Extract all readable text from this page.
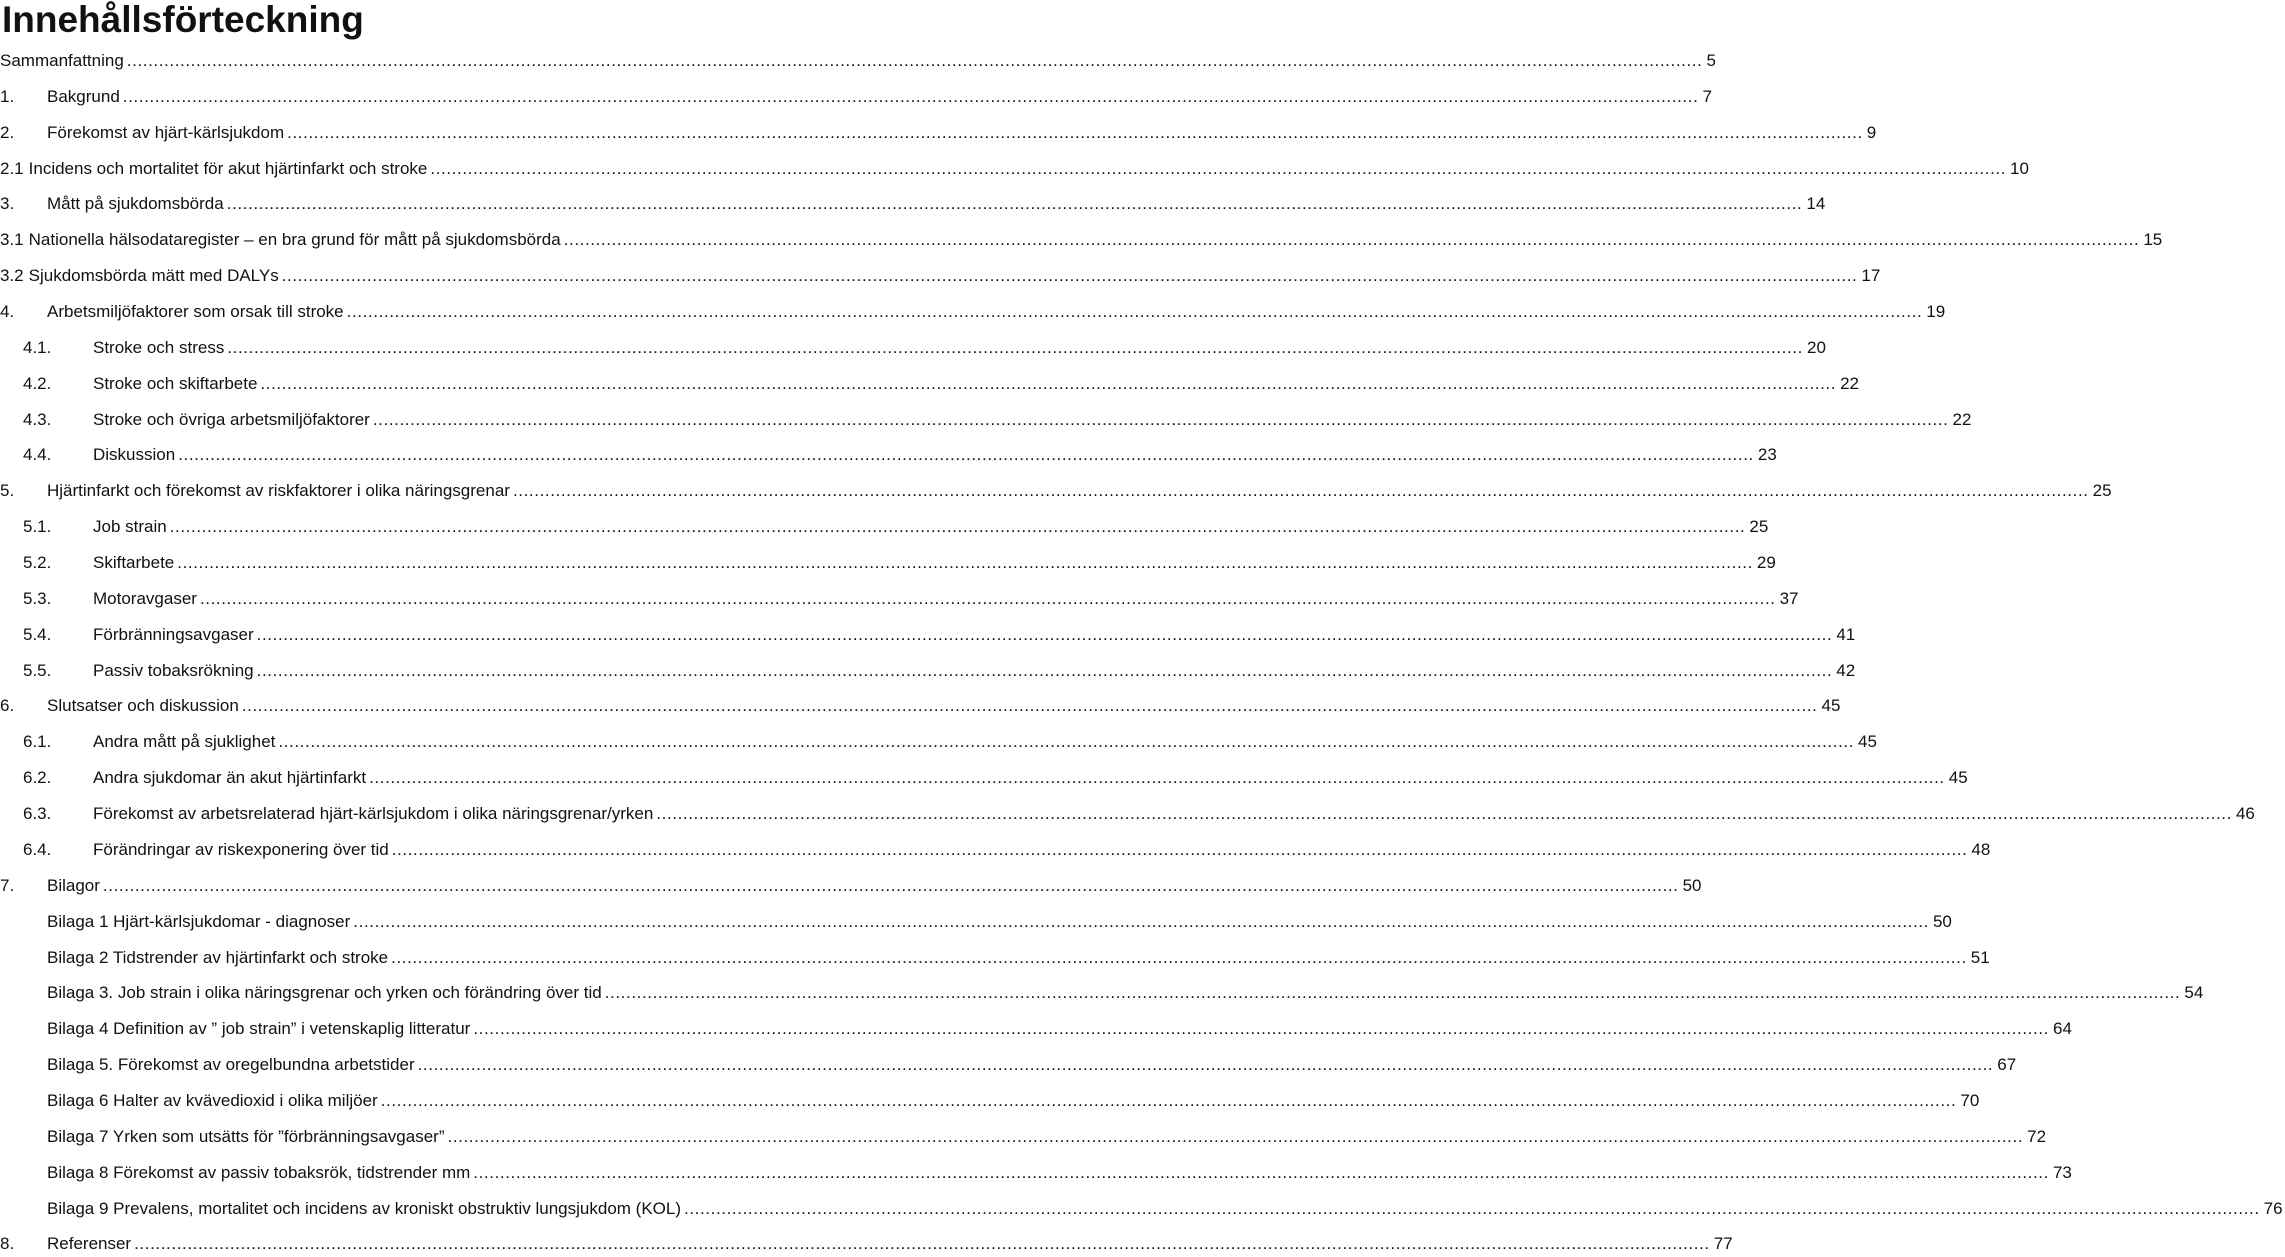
Innehållsförteckning
Sammanfattning .....	5
1.	Bakgrund .....	7
2.	Förekomst av hjärt-kärlsjukdom .....	9
2.1 Incidens och mortalitet för akut hjärtinfarkt och stroke .....	10
3.	Mått på sjukdomsbörda .....	14
3.1 Nationella hälsodataregister – en bra grund för mått på sjukdomsbörda .....	15
3.2 Sjukdomsbörda mätt med DALYs .....	17
4.	Arbetsmiljöfaktorer som orsak till stroke .....	19
4.1.	Stroke och stress .....	20
4.2.	Stroke och skiftarbete .....	22
4.3.	Stroke och övriga arbetsmiljöfaktorer .....	22
4.4.	Diskussion .....	23
5.	Hjärtinfarkt och förekomst av riskfaktorer i olika näringsgrenar .....	25
5.1.	Job strain .....	25
5.2.	Skiftarbete .....	29
5.3.	Motoravgaser .....	37
5.4.	Förbränningsavgaser .....	41
5.5.	Passiv tobaksrökning .....	42
6.	Slutsatser och diskussion .....	45
6.1.	Andra mått på sjuklighet .....	45
6.2.	Andra sjukdomar än akut hjärtinfarkt .....	45
6.3.	Förekomst av arbetsrelaterad hjärt-kärlsjukdom i olika näringsgrenar/yrken .....	46
6.4.	Förändringar av riskexponering över tid .....	48
7.	Bilagor .....	50
Bilaga 1 Hjärt-kärlsjukdomar - diagnoser .....	50
Bilaga 2 Tidstrender av hjärtinfarkt och stroke .....	51
Bilaga 3. Job strain i olika näringsgrenar och yrken och förändring över tid .....	54
Bilaga 4 Definition av ” job strain” i vetenskaplig litteratur .....	64
Bilaga 5. Förekomst av oregelbundna arbetstider .....	67
Bilaga 6 Halter av kvävedioxid i olika miljöer .....	70
Bilaga 7 Yrken som utsätts för ”förbränningsavgaser” .....	72
Bilaga 8 Förekomst av passiv tobaksrök, tidstrender mm .....	73
Bilaga 9 Prevalens, mortalitet och incidens av kroniskt obstruktiv lungsjukdom (KOL) .....	76
8.	Referenser .....	77
